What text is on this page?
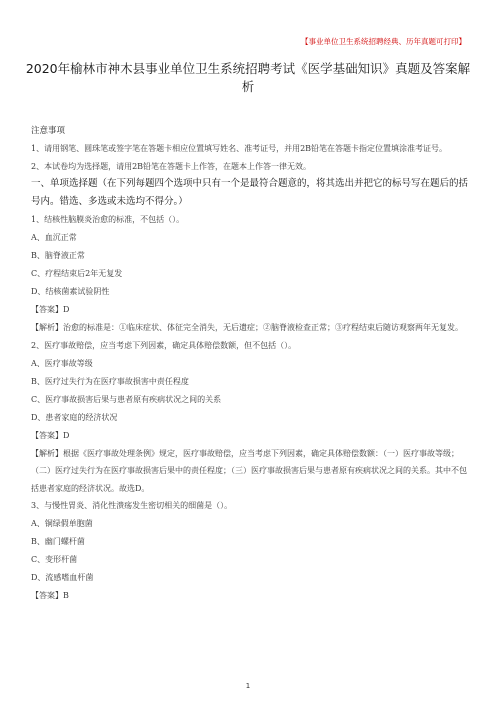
【事业单位卫生系统招聘经典、历年真题可打印】
2020年榆林市神木县事业单位卫生系统招聘考试《医学基础知识》真题及答案解析
注意事项
1、请用钢笔、圆珠笔或签字笔在答题卡相应位置填写姓名、准考证号，并用2B铅笔在答题卡指定位置填涂准考证号。
2、本试卷均为选择题，请用2B铅笔在答题卡上作答，在题本上作答一律无效。
一、单项选择题（在下列每题四个选项中只有一个是最符合题意的，将其选出并把它的标号写在题后的括号内。错选、多选或未选均不得分。）
1、结核性脑膜炎治愈的标准，不包括（）。
A、血沉正常
B、脑脊液正常
C、疗程结束后2年无复发
D、结核菌素试验阴性
【答案】D
【解析】治愈的标准是：①临床症状、体征完全消失，无后遗症；②脑脊液检查正常；③疗程结束后随访观察两年无复发。
2、医疗事故赔偿，应当考虑下列因素，确定具体赔偿数额，但不包括（）。
A、医疗事故等级
B、医疗过失行为在医疗事故损害中责任程度
C、医疗事故损害后果与患者原有疾病状况之间的关系
D、患者家庭的经济状况
【答案】D
【解析】根据《医疗事故处理条例》规定，医疗事故赔偿，应当考虑下列因素，确定具体赔偿数额：（一）医疗事故等级；（二）医疗过失行为在医疗事故损害后果中的责任程度；（三）医疗事故损害后果与患者原有疾病状况之间的关系。其中不包括患者家庭的经济状况。故选D。
3、与慢性胃炎、消化性溃疡发生密切相关的细菌是（）。
A、铜绿假单胞菌
B、幽门螺杆菌
C、变形杆菌
D、流感嗜血杆菌
【答案】B
1
